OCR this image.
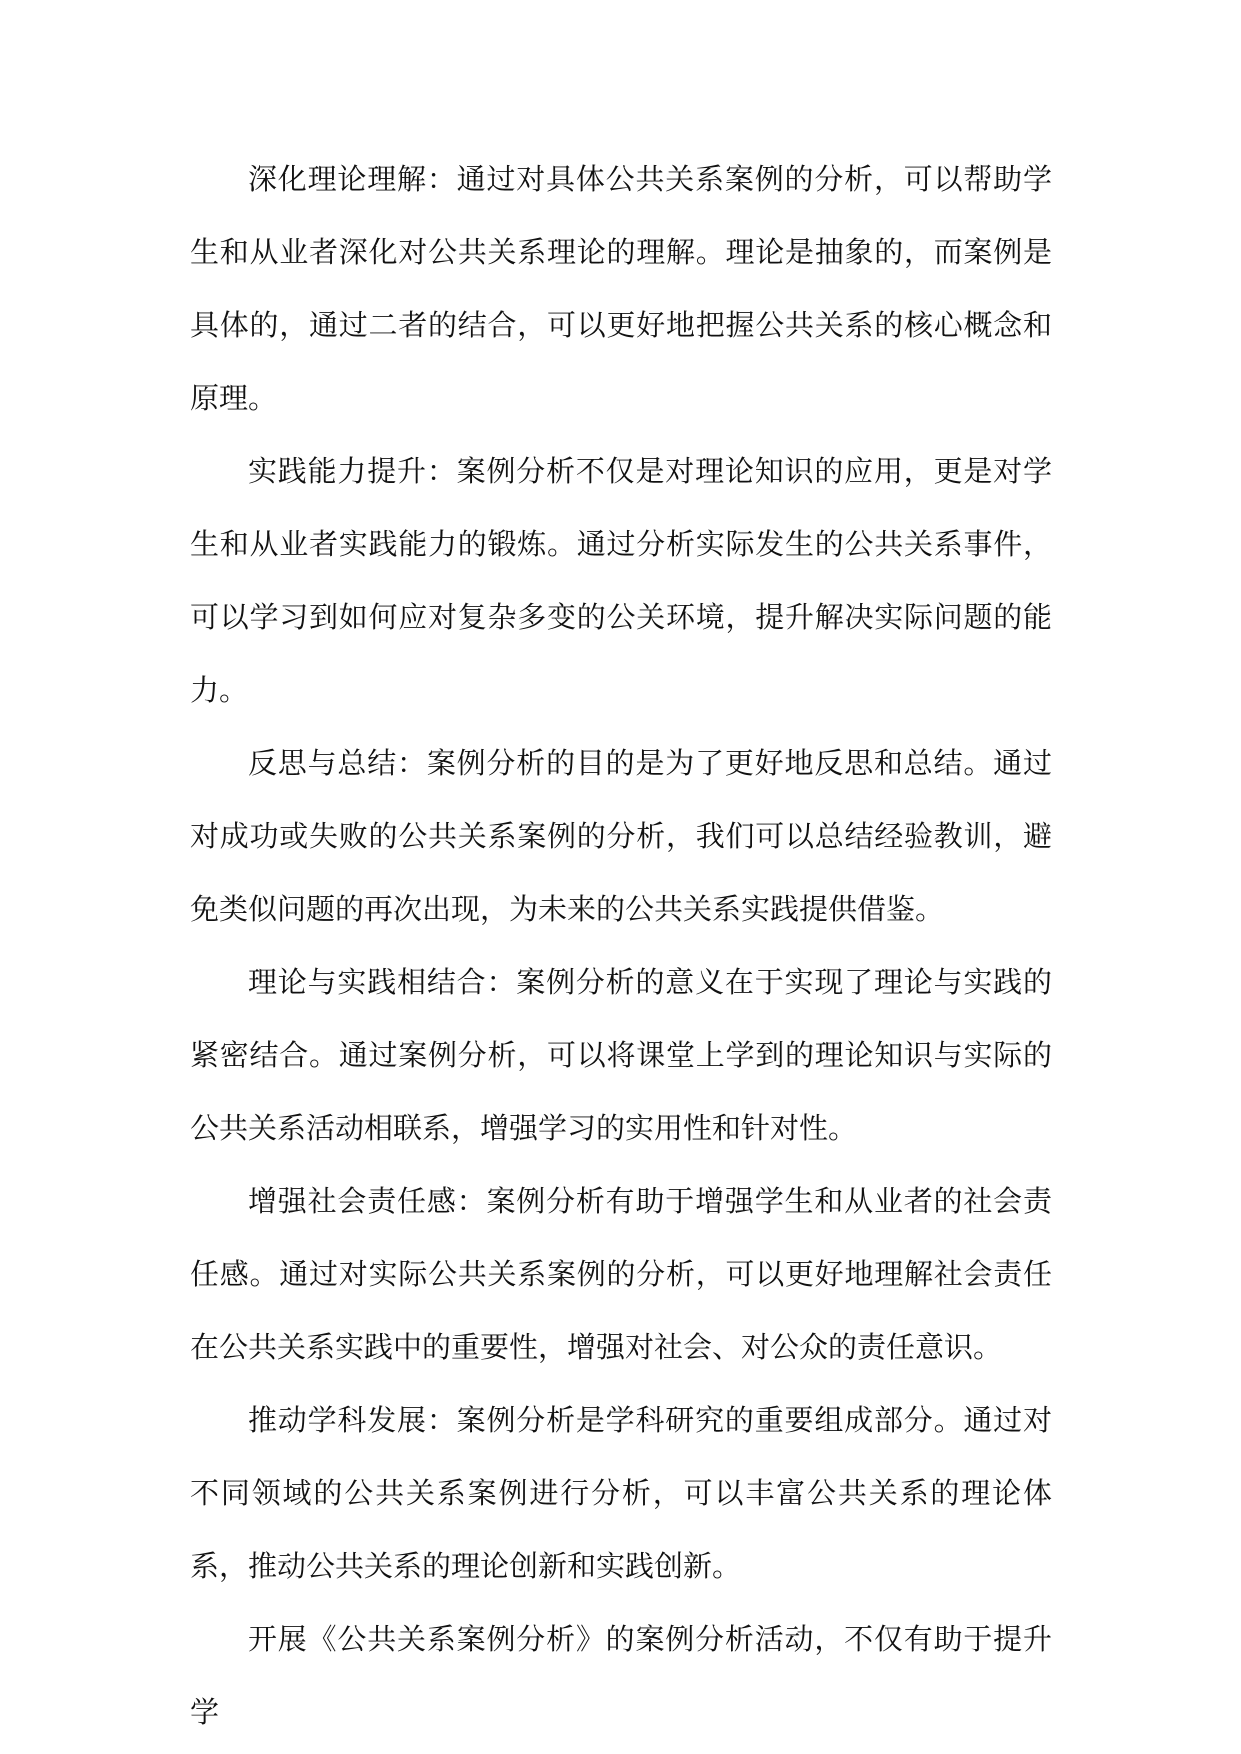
深化理论理解：通过对具体公共关系案例的分析，可以帮助学生和从业者深化对公共关系理论的理解。理论是抽象的，而案例是具体的，通过二者的结合，可以更好地把握公共关系的核心概念和原理。

实践能力提升：案例分析不仅是对理论知识的应用，更是对学生和从业者实践能力的锻炼。通过分析实际发生的公共关系事件，可以学习到如何应对复杂多变的公关环境，提升解决实际问题的能力。

反思与总结：案例分析的目的是为了更好地反思和总结。通过对成功或失败的公共关系案例的分析，我们可以总结经验教训，避免类似问题的再次出现，为未来的公共关系实践提供借鉴。

理论与实践相结合：案例分析的意义在于实现了理论与实践的紧密结合。通过案例分析，可以将课堂上学到的理论知识与实际的公共关系活动相联系，增强学习的实用性和针对性。

增强社会责任感：案例分析有助于增强学生和从业者的社会责任感。通过对实际公共关系案例的分析，可以更好地理解社会责任在公共关系实践中的重要性，增强对社会、对公众的责任意识。

推动学科发展：案例分析是学科研究的重要组成部分。通过对不同领域的公共关系案例进行分析，可以丰富公共关系的理论体系，推动公共关系的理论创新和实践创新。

开展《公共关系案例分析》的案例分析活动，不仅有助于提升学
